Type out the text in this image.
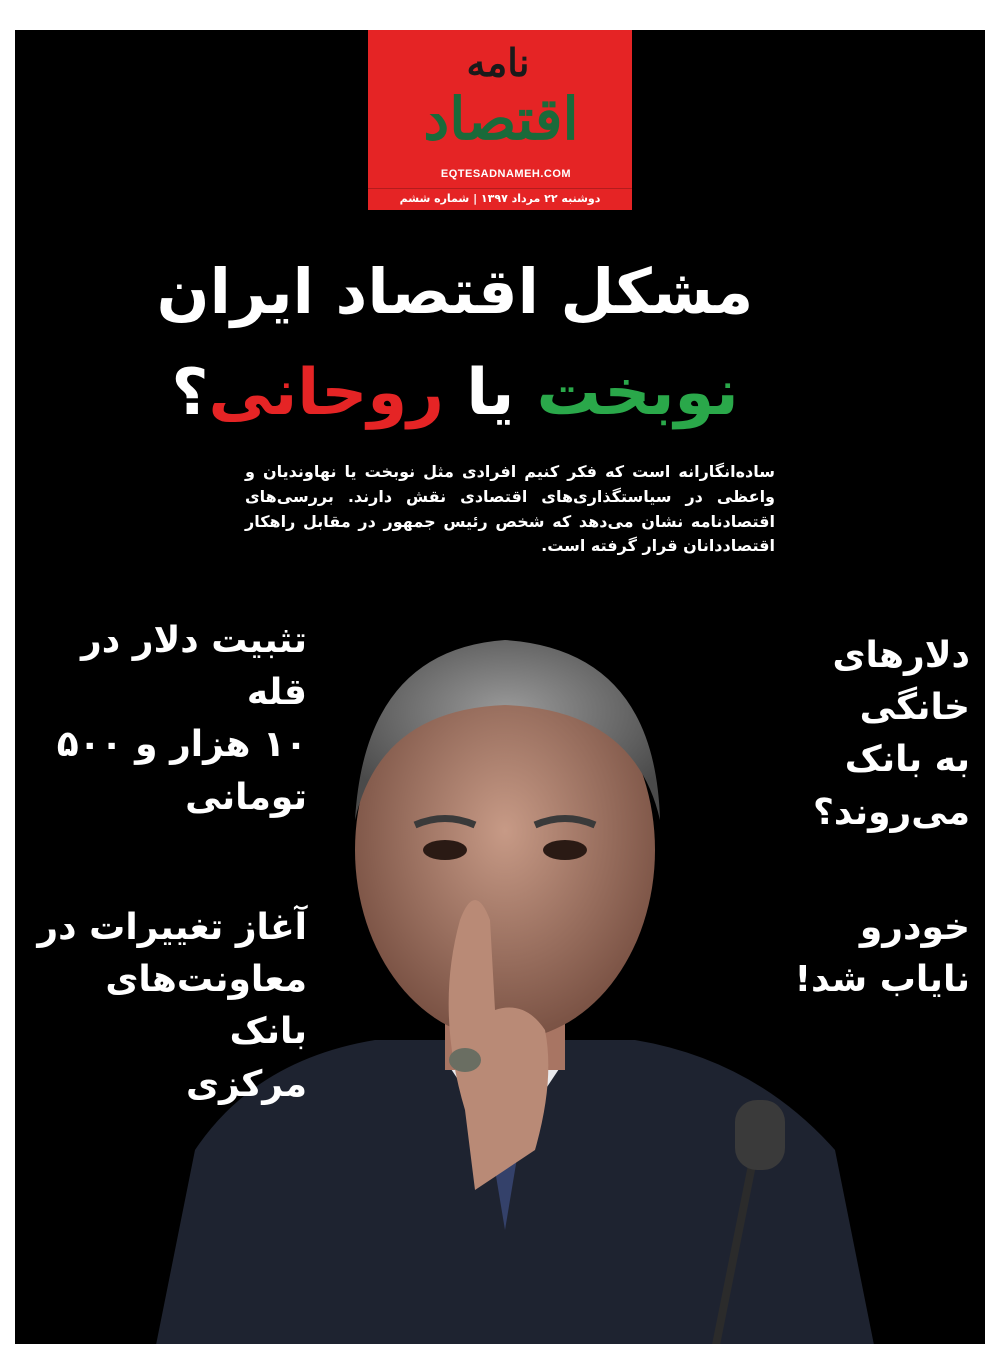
نامه
اقتصاد
EQTESADNAMEH.COM
دوشنبه ۲۲ مرداد ۱۳۹۷ | شماره ششم
مشکل اقتصاد ایران
نوبخت یا روحانی؟
ساده‌انگارانه است که فکر کنیم افرادی مثل نوبخت یا نهاوندیان و واعظی در سیاستگذاری‌های اقتصادی نقش دارند. بررسی‌های اقتصادنامه نشان می‌دهد که شخص رئیس جمهور در مقابل راهکار اقتصاددانان قرار گرفته است.
دلارهای خانگی
به بانک
می‌روند؟
خودرو
نایاب شد!
تثبیت دلار در قله
۱۰ هزار و ۵۰۰
تومانی
آغاز تغییرات در
معاونت‌های بانک
مرکزی
